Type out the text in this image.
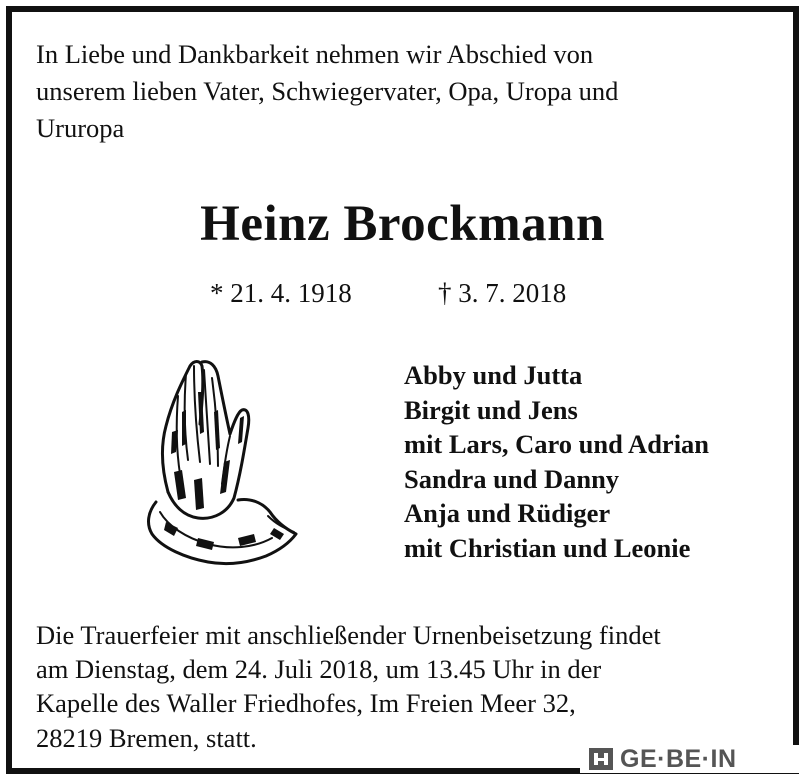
In Liebe und Dankbarkeit nehmen wir Abschied von
unserem lieben Vater, Schwiegervater, Opa, Uropa und
Ururopa
Heinz Brockmann
* 21. 4. 1918	† 3. 7. 2018
Abby und Jutta
Birgit und Jens
mit Lars, Caro und Adrian
Sandra und Danny
Anja und Rüdiger
mit Christian und Leonie
Die Trauerfeier mit anschließender Urnenbeisetzung findet
am Dienstag, dem 24. Juli 2018, um 13.45 Uhr in der
Kapelle des Waller Friedhofes, Im Freien Meer 32,
28219 Bremen, statt.
GE·BE·IN
